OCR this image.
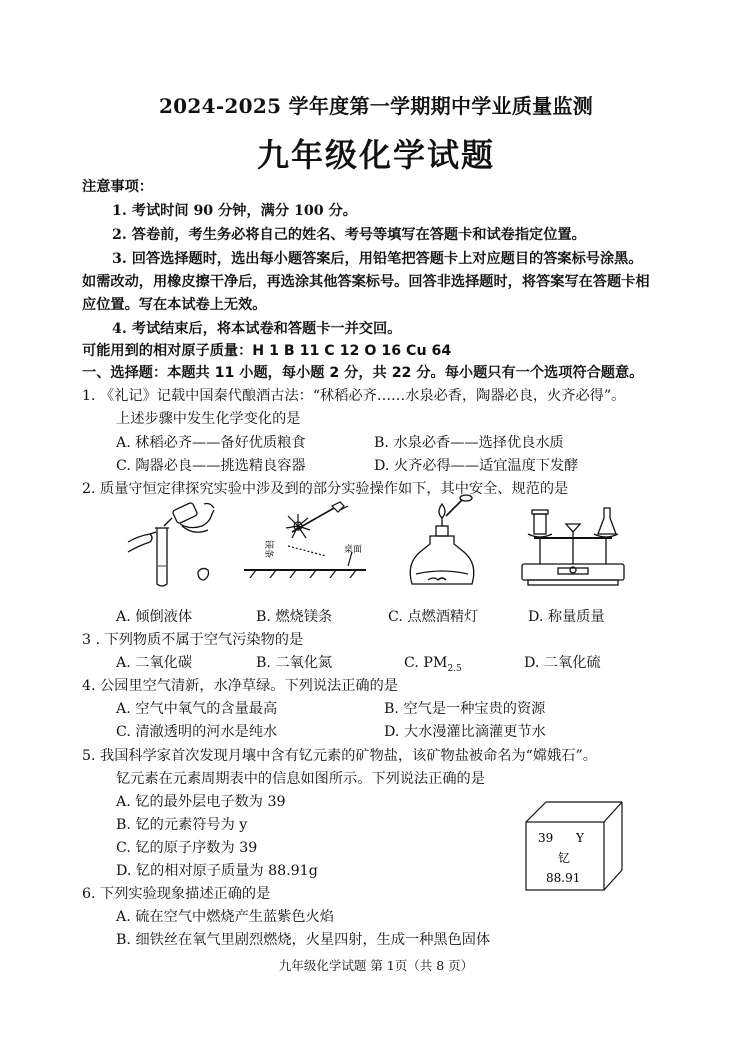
2024-2025 学年度第一学期期中学业质量监测
九年级化学试题
注意事项：
1. 考试时间 90 分钟，满分 100 分。
2. 答卷前，考生务必将自己的姓名、考号等填写在答题卡和试卷指定位置。
3. 回答选择题时，选出每小题答案后，用铅笔把答题卡上对应题目的答案标号涂黑。
如需改动，用橡皮擦干净后，再选涂其他答案标号。回答非选择题时，将答案写在答题卡相
应位置。写在本试卷上无效。
4. 考试结束后，将本试卷和答题卡一并交回。
可能用到的相对原子质量：H 1 B 11 C 12 O 16 Cu 64
一、选择题：本题共 11 小题，每小题 2 分，共 22 分。每小题只有一个选项符合题意。
1. 《礼记》记载中国秦代酿酒古法：“秫稻必齐……水泉必香，陶器必良，火齐必得”。
上述步骤中发生化学变化的是
A. 秫稻必齐——备好优质粮食	B. 水泉必香——选择优良水质
C. 陶器必良——挑选精良容器	D. 火齐必得——适宜温度下发酵
2. 质量守恒定律探究实验中涉及到的部分实验操作如下，其中安全、规范的是
镁条	桌面
A. 倾倒液体	B. 燃烧镁条	C. 点燃酒精灯	D. 称量质量
3 . 下列物质不属于空气污染物的是
A. 二氧化碳	B. 二氧化氮	C. $PM_{2.5}$	D. 二氧化硫
4. 公园里空气清新，水净草绿。下列说法正确的是
A. 空气中氧气的含量最高	B. 空气是一种宝贵的资源
C. 清澈透明的河水是纯水	D. 大水漫灌比滴灌更节水
5. 我国科学家首次发现月壤中含有钇元素的矿物盐，该矿物盐被命名为“嫦娥石”。
钇元素在元素周期表中的信息如图所示。下列说法正确的是
A. 钇的最外层电子数为 39
B. 钇的元素符号为 y
C. 钇的原子序数为 39
D. 钇的相对原子质量为 88.91g
39 Y
钇
88.91
6. 下列实验现象描述正确的是
A. 硫在空气中燃烧产生蓝紫色火焰
B. 细铁丝在氧气里剧烈燃烧，火星四射，生成一种黑色固体
九年级化学试题 第 1页（共 8 页）
